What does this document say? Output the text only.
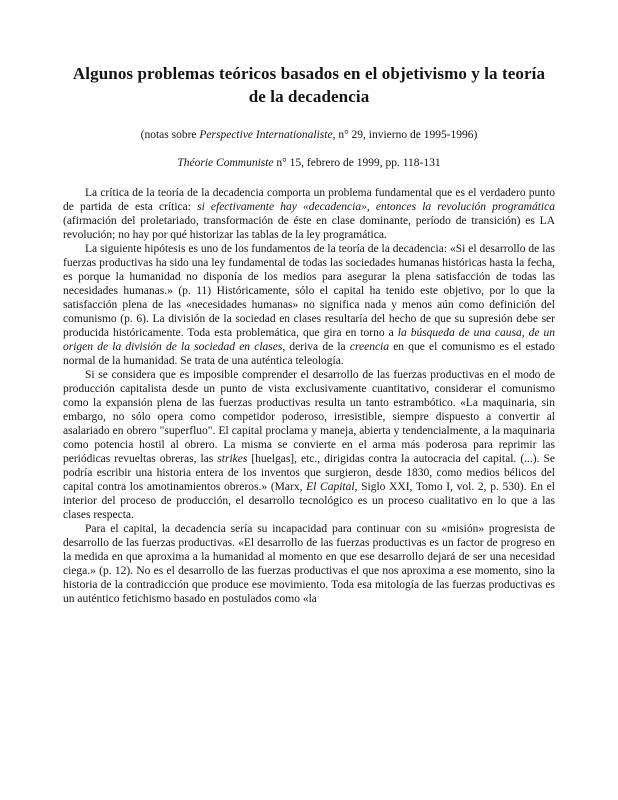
Algunos problemas teóricos basados en el objetivismo y la teoría de la decadencia

(notas sobre Perspective Internationaliste, n° 29, invierno de 1995-1996)

Théorie Communiste n° 15, febrero de 1999, pp. 118-131

La crítica de la teoría de la decadencia comporta un problema fundamental que es el verdadero punto de partida de esta crítica: si efectivamente hay «decadencia», entonces la revolución programática (afirmación del proletariado, transformación de éste en clase dominante, período de transición) es LA revolución; no hay por qué historizar las tablas de la ley programática.

La siguiente hipótesis es uno de los fundamentos de la teoría de la decadencia: «Si el desarrollo de las fuerzas productivas ha sido una ley fundamental de todas las sociedades humanas históricas hasta la fecha, es porque la humanidad no disponía de los medios para asegurar la plena satisfacción de todas las necesidades humanas.» (p. 11) Históricamente, sólo el capital ha tenido este objetivo, por lo que la satisfacción plena de las «necesidades humanas» no significa nada y menos aún como definición del comunismo (p. 6). La división de la sociedad en clases resultaría del hecho de que su supresión debe ser producida históricamente. Toda esta problemática, que gira en torno a la búsqueda de una causa, de un origen de la división de la sociedad en clases, deriva de la creencia en que el comunismo es el estado normal de la humanidad. Se trata de una auténtica teleología.

Si se considera que es imposible comprender el desarrollo de las fuerzas productivas en el modo de producción capitalista desde un punto de vista exclusivamente cuantitativo, considerar el comunismo como la expansión plena de las fuerzas productivas resulta un tanto estrambótico. «La maquinaria, sin embargo, no sólo opera como competidor poderoso, irresistible, siempre dispuesto a convertir al asalariado en obrero "superfluo". El capital proclama y maneja, abierta y tendencialmente, a la maquinaria como potencia hostil al obrero. La misma se convierte en el arma más poderosa para reprimir las periódicas revueltas obreras, las strikes [huelgas], etc., dirigidas contra la autocracia del capital. (...). Se podría escribir una historia entera de los inventos que surgieron, desde 1830, como medios bélicos del capital contra los amotinamientos obreros.» (Marx, El Capital, Siglo XXI, Tomo I, vol. 2, p. 530). En el interior del proceso de producción, el desarrollo tecnológico es un proceso cualitativo en lo que a las clases respecta.

Para el capital, la decadencia sería su incapacidad para continuar con su «misión» progresista de desarrollo de las fuerzas productivas. «El desarrollo de las fuerzas productivas es un factor de progreso en la medida en que aproxima a la humanidad al momento en que ese desarrollo dejará de ser una necesidad ciega.» (p. 12). No es el desarrollo de las fuerzas productivas el que nos aproxima a ese momento, sino la historia de la contradicción que produce ese movimiento. Toda esa mitología de las fuerzas productivas es un auténtico fetichismo basado en postulados como «la
